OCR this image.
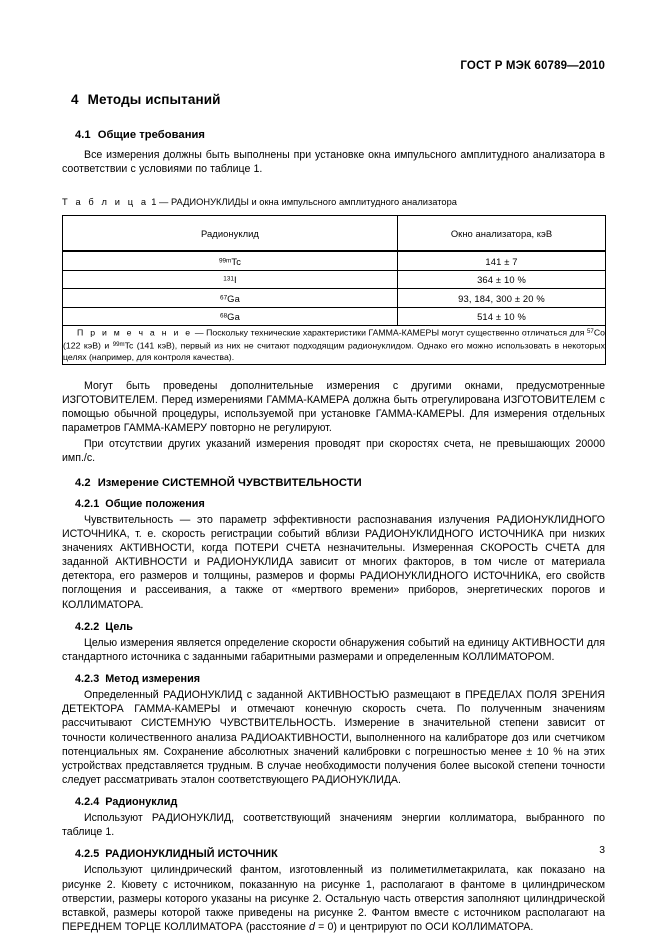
ГОСТ Р МЭК 60789—2010
4 Методы испытаний
4.1 Общие требования

Все измерения должны быть выполнены при установке окна импульсного амплитудного анализатора в соответствии с условиями по таблице 1.

Т а б л и ц а 1 — РАДИОНУКЛИДЫ и окна импульсного амплитудного анализатора
Радионуклид	Окно анализатора, кэВ
$^{99m}$Tc	141 ± 7
$^{131}$I	364 ± 10 %
$^{67}$Ga	93, 184, 300 ± 20 %
$^{68}$Ga	514 ± 10 %

П р и м е ч а н и е — Поскольку технические характеристики ГАММА-КАМЕРЫ могут существенно отличаться для $^{57}$Co (122 кэВ) и $^{99m}$Tc (141 кэВ), первый из них не считают подходящим радионуклидом. Однако его можно использовать в некоторых целях (например, для контроля качества).	

Могут быть проведены дополнительные измерения с другими окнами, предусмотренные ИЗГОТОВИТЕЛЕМ. Перед измерениями ГАММА-КАМЕРА должна быть отрегулирована ИЗГОТОВИТЕЛЕМ с помощью обычной процедуры, используемой при установке ГАММА-КАМЕРЫ. Для измерения отдельных параметров ГАММА-КАМЕРУ повторно не регулируют.

При отсутствии других указаний измерения проводят при скоростях счета, не превышающих 20000 имп./с.

4.2 Измерение СИСТЕМНОЙ ЧУВСТВИТЕЛЬНОСТИ
4.2.1 Общие положения

Чувствительность — это параметр эффективности распознавания излучения РАДИОНУКЛИДНОГО ИСТОЧНИКА, т. е. скорость регистрации событий вблизи РАДИОНУКЛИДНОГО ИСТОЧНИКА при низких значениях АКТИВНОСТИ, когда ПОТЕРИ СЧЕТА незначительны. Измеренная СКОРОСТЬ СЧЕТА для заданной АКТИВНОСТИ и РАДИОНУКЛИДА зависит от многих факторов, в том числе от материала детектора, его размеров и толщины, размеров и формы РАДИОНУКЛИДНОГО ИСТОЧНИКА, его свойств поглощения и рассеивания, а также от «мертвого времени» приборов, энергетических порогов и КОЛЛИМАТОРА.

4.2.2 Цель

Целью измерения является определение скорости обнаружения событий на единицу АКТИВНОСТИ для стандартного источника с заданными габаритными размерами и определенным КОЛЛИМАТОРОМ.

4.2.3 Метод измерения

Определенный РАДИОНУКЛИД с заданной АКТИВНОСТЬЮ размещают в ПРЕДЕЛАХ ПОЛЯ ЗРЕНИЯ ДЕТЕКТОРА ГАММА-КАМЕРЫ и отмечают конечную скорость счета. По полученным значениям рассчитывают СИСТЕМНУЮ ЧУВСТВИТЕЛЬНОСТЬ. Измерение в значительной степени зависит от точности количественного анализа РАДИОАКТИВНОСТИ, выполненного на калибраторе доз или счетчиком потенциальных ям. Сохранение абсолютных значений калибровки с погрешностью менее ± 10 % на этих устройствах представляется трудным. В случае необходимости получения более высокой степени точности следует рассматривать эталон соответствующего РАДИОНУКЛИДА.

4.2.4 Радионуклид

Используют РАДИОНУКЛИД, соответствующий значениям энергии коллиматора, выбранного по таблице 1.

4.2.5 РАДИОНУКЛИДНЫЙ ИСТОЧНИК

Используют цилиндрический фантом, изготовленный из полиметилметакрилата, как показано на рисунке 2. Кювету с источником, показанную на рисунке 1, располагают в фантоме в цилиндрическом отверстии, размеры которого указаны на рисунке 2. Остальную часть отверстия заполняют цилиндрической вставкой, размеры которой также приведены на рисунке 2. Фантом вместе с источником располагают на ПЕРЕДНЕМ ТОРЦЕ КОЛЛИМАТОРА (расстояние d = 0) и центрируют по ОСИ КОЛЛИМАТОРА.

3
